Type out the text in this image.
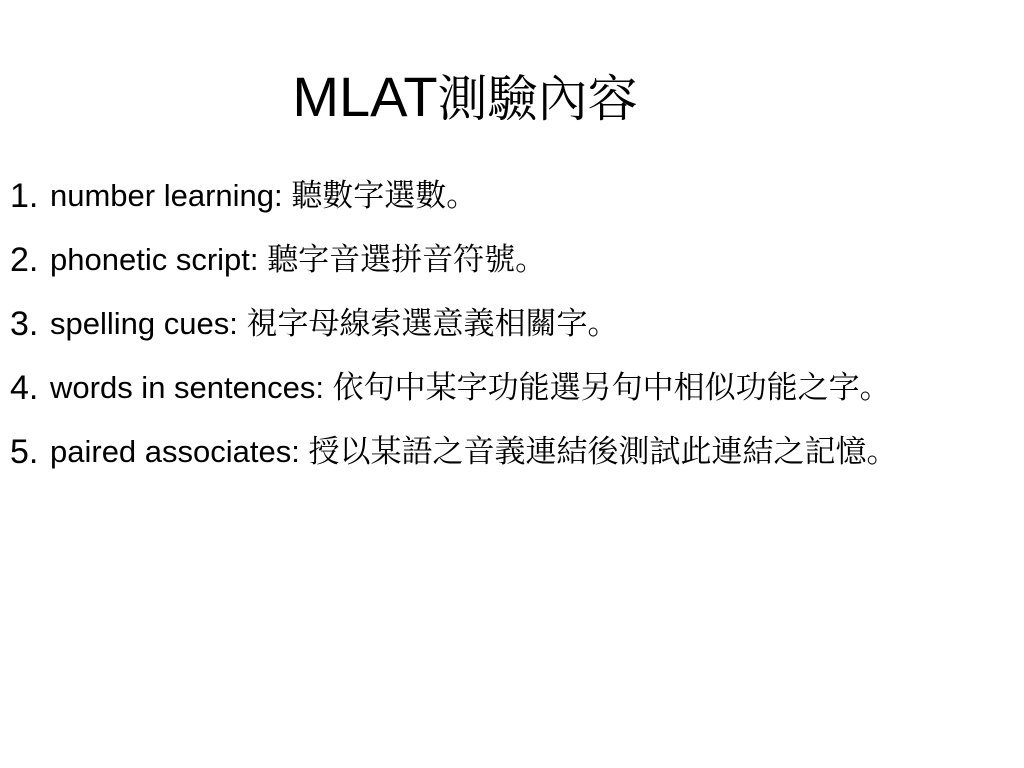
MLAT測驗內容
1. number learning: 聽數字選數。
2. phonetic script: 聽字音選拼音符號。
3. spelling cues: 視字母線索選意義相關字。
4. words in sentences: 依句中某字功能選另句中相似功能之字。
5. paired associates: 授以某語之音義連結後測試此連結之記憶。
